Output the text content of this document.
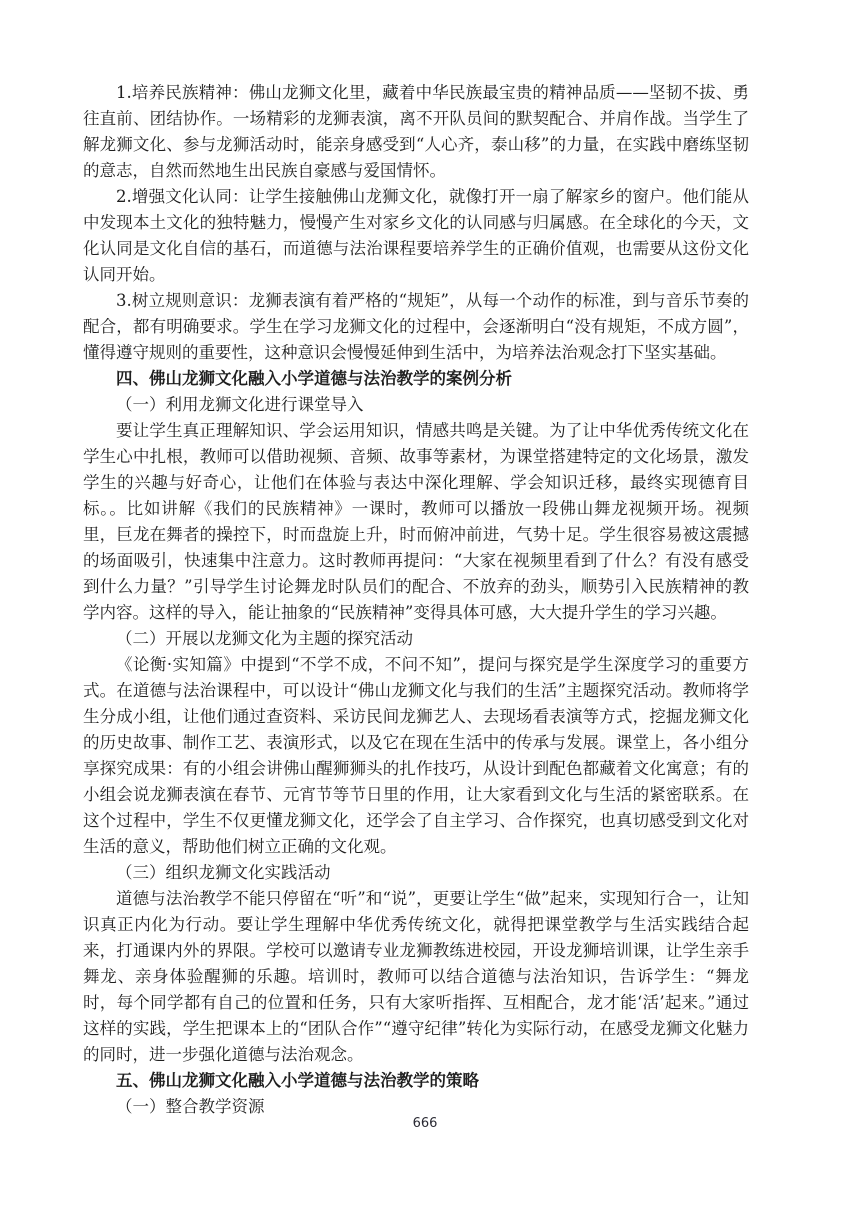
1.培养民族精神：佛山龙狮文化里，藏着中华民族最宝贵的精神品质——坚韧不拔、勇往直前、团结协作。一场精彩的龙狮表演，离不开队员间的默契配合、并肩作战。当学生了解龙狮文化、参与龙狮活动时，能亲身感受到“人心齐，泰山移”的力量，在实践中磨练坚韧的意志，自然而然地生出民族自豪感与爱国情怀。

2.增强文化认同：让学生接触佛山龙狮文化，就像打开一扇了解家乡的窗户。他们能从中发现本土文化的独特魅力，慢慢产生对家乡文化的认同感与归属感。在全球化的今天，文化认同是文化自信的基石，而道德与法治课程要培养学生的正确价值观，也需要从这份文化认同开始。

3.树立规则意识：龙狮表演有着严格的“规矩”，从每一个动作的标准，到与音乐节奏的配合，都有明确要求。学生在学习龙狮文化的过程中，会逐渐明白“没有规矩，不成方圆”，懂得遵守规则的重要性，这种意识会慢慢延伸到生活中，为培养法治观念打下坚实基础。

四、佛山龙狮文化融入小学道德与法治教学的案例分析

（一）利用龙狮文化进行课堂导入

要让学生真正理解知识、学会运用知识，情感共鸣是关键。为了让中华优秀传统文化在学生心中扎根，教师可以借助视频、音频、故事等素材，为课堂搭建特定的文化场景，激发学生的兴趣与好奇心，让他们在体验与表达中深化理解、学会知识迁移，最终实现德育目标。。比如讲解《我们的民族精神》一课时，教师可以播放一段佛山舞龙视频开场。视频里，巨龙在舞者的操控下，时而盘旋上升，时而俯冲前进，气势十足。学生很容易被这震撼的场面吸引，快速集中注意力。这时教师再提问：“大家在视频里看到了什么？有没有感受到什么力量？”引导学生讨论舞龙时队员们的配合、不放弃的劲头，顺势引入民族精神的教学内容。这样的导入，能让抽象的“民族精神”变得具体可感，大大提升学生的学习兴趣。

（二）开展以龙狮文化为主题的探究活动

《论衡·实知篇》中提到“不学不成，不问不知”，提问与探究是学生深度学习的重要方式。在道德与法治课程中，可以设计“佛山龙狮文化与我们的生活”主题探究活动。教师将学生分成小组，让他们通过查资料、采访民间龙狮艺人、去现场看表演等方式，挖掘龙狮文化的历史故事、制作工艺、表演形式，以及它在现在生活中的传承与发展。课堂上，各小组分享探究成果：有的小组会讲佛山醒狮狮头的扎作技巧，从设计到配色都藏着文化寓意；有的小组会说龙狮表演在春节、元宵节等节日里的作用，让大家看到文化与生活的紧密联系。在这个过程中，学生不仅更懂龙狮文化，还学会了自主学习、合作探究，也真切感受到文化对生活的意义，帮助他们树立正确的文化观。

（三）组织龙狮文化实践活动

道德与法治教学不能只停留在“听”和“说”，更要让学生“做”起来，实现知行合一，让知识真正内化为行动。要让学生理解中华优秀传统文化，就得把课堂教学与生活实践结合起来，打通课内外的界限。学校可以邀请专业龙狮教练进校园，开设龙狮培训课，让学生亲手舞龙、亲身体验醒狮的乐趣。培训时，教师可以结合道德与法治知识，告诉学生：“舞龙时，每个同学都有自己的位置和任务，只有大家听指挥、互相配合，龙才能‘活’起来。”通过这样的实践，学生把课本上的“团队合作”“遵守纪律”转化为实际行动，在感受龙狮文化魅力的同时，进一步强化道德与法治观念。

五、佛山龙狮文化融入小学道德与法治教学的策略

（一）整合教学资源

666
